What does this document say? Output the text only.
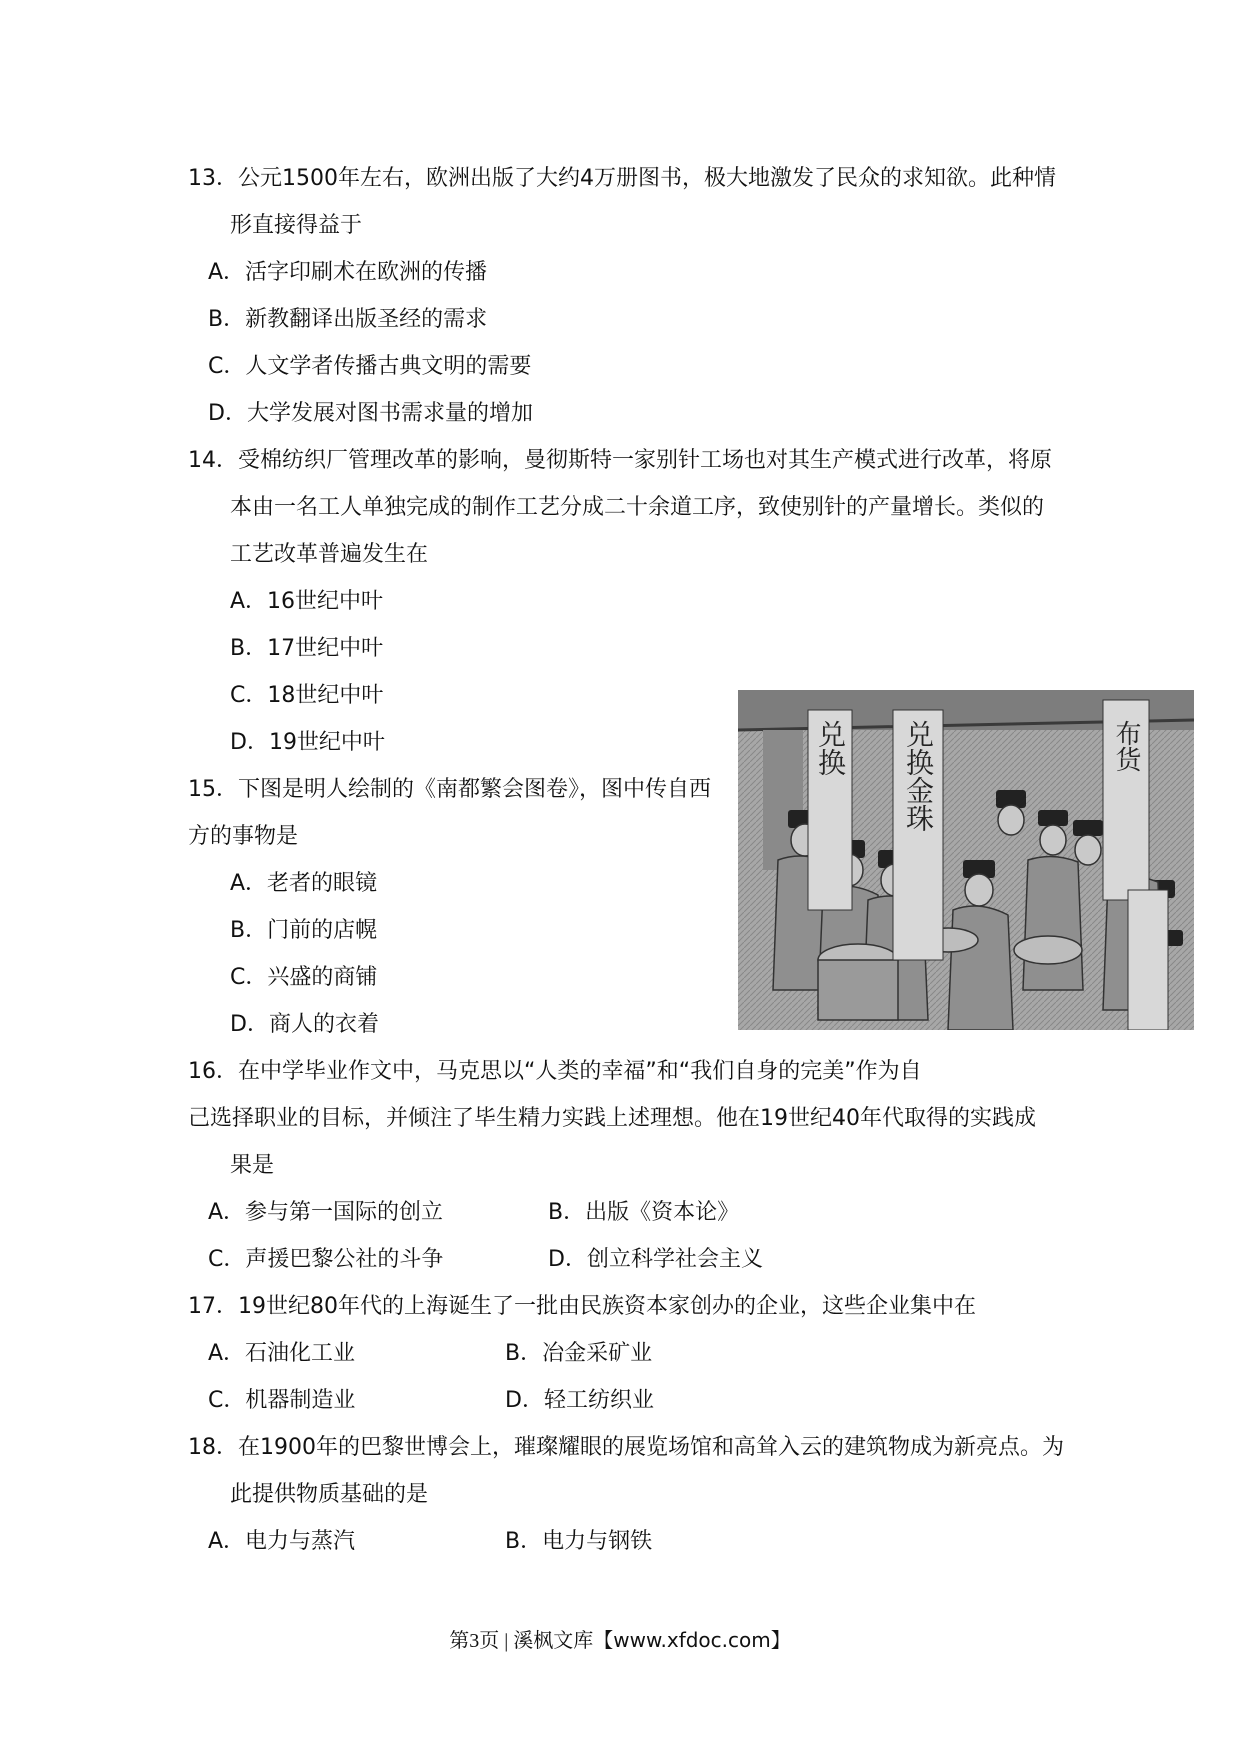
13．公元1500年左右，欧洲出版了大约4万册图书，极大地激发了民众的求知欲。此种情
形直接得益于
A．活字印刷术在欧洲的传播
B．新教翻译出版圣经的需求
C．人文学者传播古典文明的需要
D．大学发展对图书需求量的增加
14．受棉纺织厂管理改革的影响，曼彻斯特一家别针工场也对其生产模式进行改革，将原
本由一名工人单独完成的制作工艺分成二十余道工序，致使别针的产量增长。类似的
工艺改革普遍发生在
A．16世纪中叶
B．17世纪中叶
C．18世纪中叶
D．19世纪中叶
15．下图是明人绘制的《南都繁会图卷》，图中传自西
方的事物是
A．老者的眼镜
B．门前的店幌
C．兴盛的商铺
D．商人的衣着
兑换 兑换金珠	布货
16．在中学毕业作文中，马克思以“人类的幸福”和“我们自身的完美”作为自
己选择职业的目标，并倾注了毕生精力实践上述理想。他在19世纪40年代取得的实践成
果是
A．参与第一国际的创立	B．出版《资本论》
C．声援巴黎公社的斗争	D．创立科学社会主义
17．19世纪80年代的上海诞生了一批由民族资本家创办的企业，这些企业集中在
A．石油化工业	B．冶金采矿业
C．机器制造业	D．轻工纺织业
18．在1900年的巴黎世博会上，璀璨耀眼的展览场馆和高耸入云的建筑物成为新亮点。为
此提供物质基础的是
A．电力与蒸汽	B．电力与钢铁
第3页 | 溪枫文库【www.xfdoc.com】
